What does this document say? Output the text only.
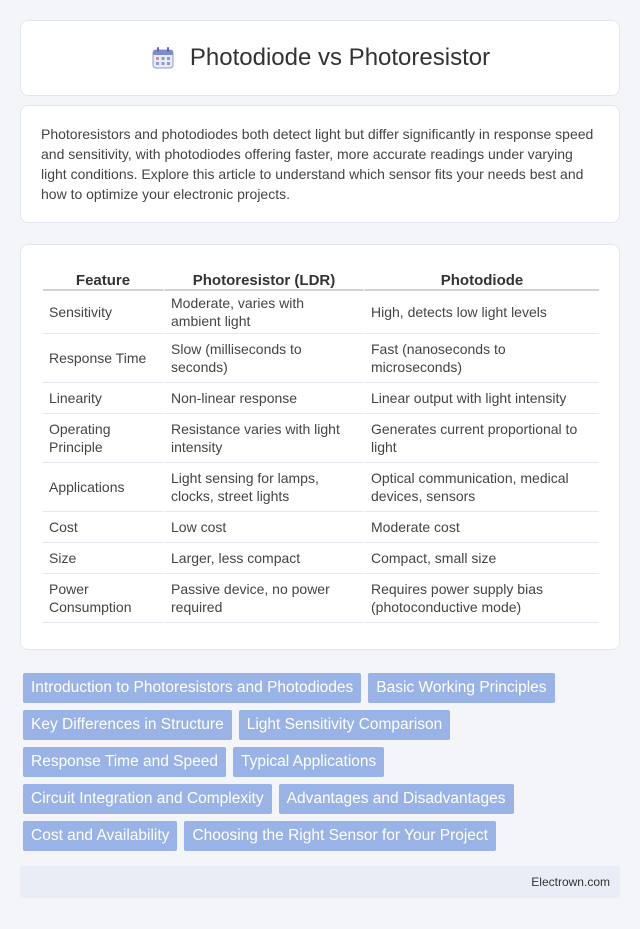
Photodiode vs Photoresistor

Photoresistors and photodiodes both detect light but differ significantly in response speed and sensitivity, with photodiodes offering faster, more accurate readings under varying light conditions. Explore this article to understand which sensor fits your needs best and how to optimize your electronic projects.

Feature	Photoresistor (LDR)	Photodiode
Sensitivity	Moderate, varies with ambient light	High, detects low light levels
Response Time	Slow (milliseconds to seconds)	Fast (nanoseconds to microseconds)
Linearity	Non-linear response	Linear output with light intensity
Operating Principle	Resistance varies with light intensity	Generates current proportional to light
Applications	Light sensing for lamps, clocks, street lights	Optical communication, medical devices, sensors
Cost	Low cost	Moderate cost
Size	Larger, less compact	Compact, small size
Power Consumption	Passive device, no power required	Requires power supply bias (photoconductive mode)
Introduction to Photoresistors and Photodiodes	Basic Working Principles
Key Differences in Structure	Light Sensitivity Comparison
Response Time and Speed	Typical Applications
Circuit Integration and Complexity	Advantages and Disadvantages
Cost and Availability	Choosing the Right Sensor for Your Project
Electrown.com
